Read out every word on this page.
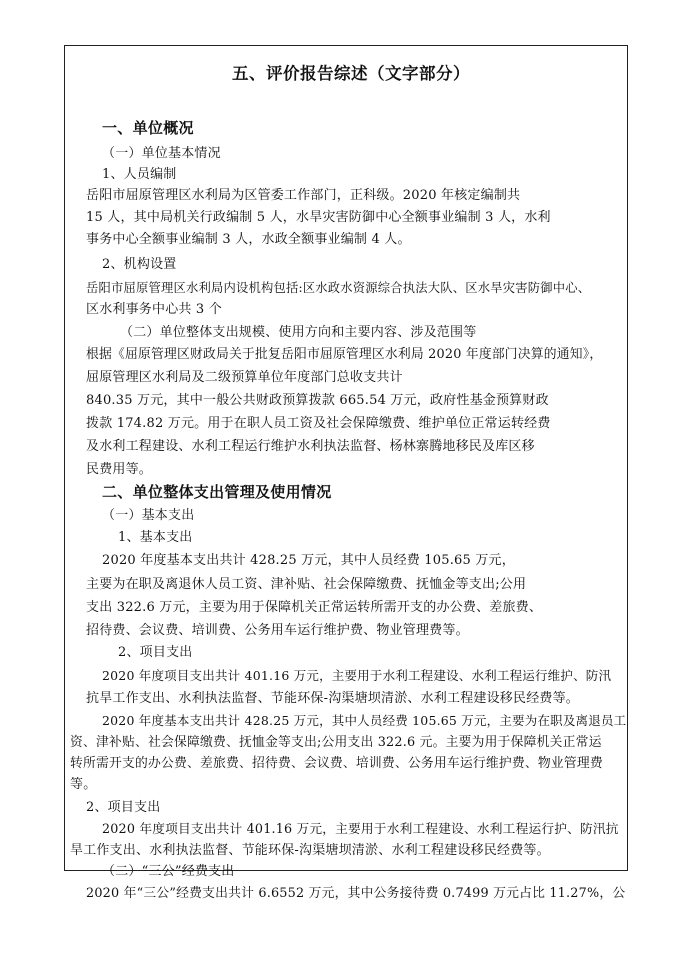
五、评价报告综述（文字部分）
一、单位概况
（一）单位基本情况
1、人员编制
岳阳市屈原管理区水利局为区管委工作部门，正科级。2020 年核定编制共
15 人，其中局机关行政编制 5 人，水旱灾害防御中心全额事业编制 3 人，水利
事务中心全额事业编制 3 人，水政全额事业编制 4 人。
2、机构设置
岳阳市屈原管理区水利局内设机构包括:区水政水资源综合执法大队、区水旱灾害防御中心、
区水利事务中心共 3 个
（二）单位整体支出规模、使用方向和主要内容、涉及范围等
根据《屈原管理区财政局关于批复岳阳市屈原管理区水利局 2020 年度部门决算的通知》，
屈原管理区水利局及二级预算单位年度部门总收支共计
840.35 万元，其中一般公共财政预算拨款 665.54 万元，政府性基金预算财政
拨款 174.82 万元。用于在职人员工资及社会保障缴费、维护单位正常运转经费
及水利工程建设、水利工程运行维护水利执法监督、杨林寨腾地移民及库区移
民费用等。
二、单位整体支出管理及使用情况
（一）基本支出
1、基本支出
2020 年度基本支出共计 428.25 万元，其中人员经费 105.65 万元，
主要为在职及离退休人员工资、津补贴、社会保障缴费、抚恤金等支出;公用
支出 322.6 万元，主要为用于保障机关正常运转所需开支的办公费、差旅费、
招待费、会议费、培训费、公务用车运行维护费、物业管理费等。
2、项目支出
2020 年度项目支出共计 401.16 万元，主要用于水利工程建设、水利工程运行维护、防汛
抗旱工作支出、水利执法监督、节能环保-沟渠塘坝清淤、水利工程建设移民经费等。
2020 年度基本支出共计 428.25 万元，其中人员经费 105.65 万元，主要为在职及离退员工
资、津补贴、社会保障缴费、抚恤金等支出;公用支出 322.6 元。主要为用于保障机关正常运
转所需开支的办公费、差旅费、招待费、会议费、培训费、公务用车运行维护费、物业管理费
等。
2、项目支出
2020 年度项目支出共计 401.16 万元，主要用于水利工程建设、水利工程运行护、防汛抗
旱工作支出、水利执法监督、节能环保-沟渠塘坝清淤、水利工程建设移民经费等。
（二）“三公”经费支出
2020 年“三公”经费支出共计 6.6552 万元，其中公务接待费 0.7499 万元占比 11.27%，公
